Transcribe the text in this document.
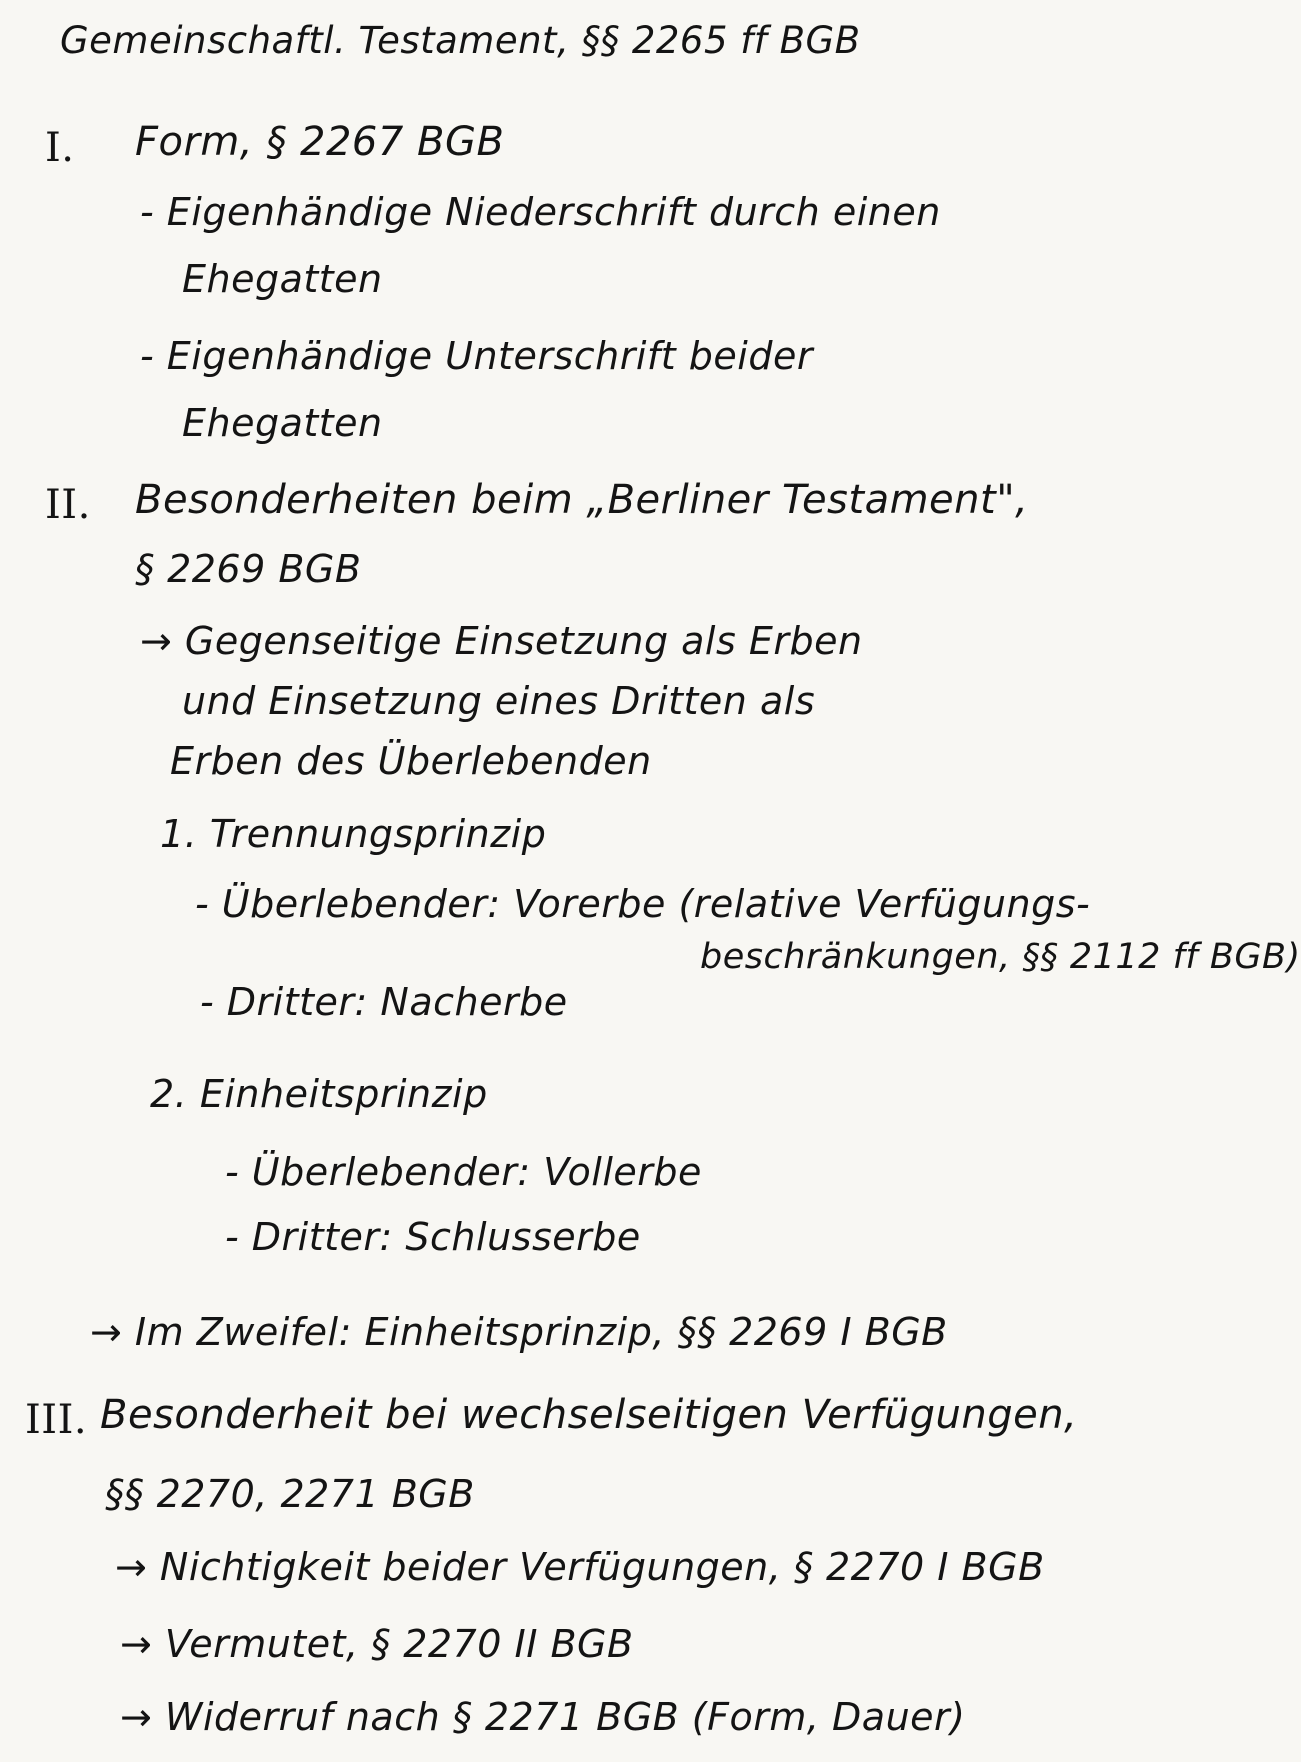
Gemeinschaftl. Testament, §§ 2265 ff BGB

I. Form, § 2267 BGB

- Eigenhändige Niederschrift durch einen

Ehegatten

- Eigenhändige Unterschrift beider

Ehegatten

II. Besonderheiten beim „Berliner Testament",

§ 2269 BGB

→ Gegenseitige Einsetzung als Erben

und Einsetzung eines Dritten als

Erben des Überlebenden

1. Trennungsprinzip

- Überlebender: Vorerbe (relative Verfügungs-

beschränkungen, §§ 2112 ff BGB)

- Dritter: Nacherbe

2. Einheitsprinzip

- Überlebender: Vollerbe

- Dritter: Schlusserbe

→ Im Zweifel: Einheitsprinzip, §§ 2269 I BGB

III. Besonderheit bei wechselseitigen Verfügungen,

§§ 2270, 2271 BGB

→ Nichtigkeit beider Verfügungen, § 2270 I BGB

→ Vermutet, § 2270 II BGB

→ Widerruf nach § 2271 BGB (Form, Dauer)
